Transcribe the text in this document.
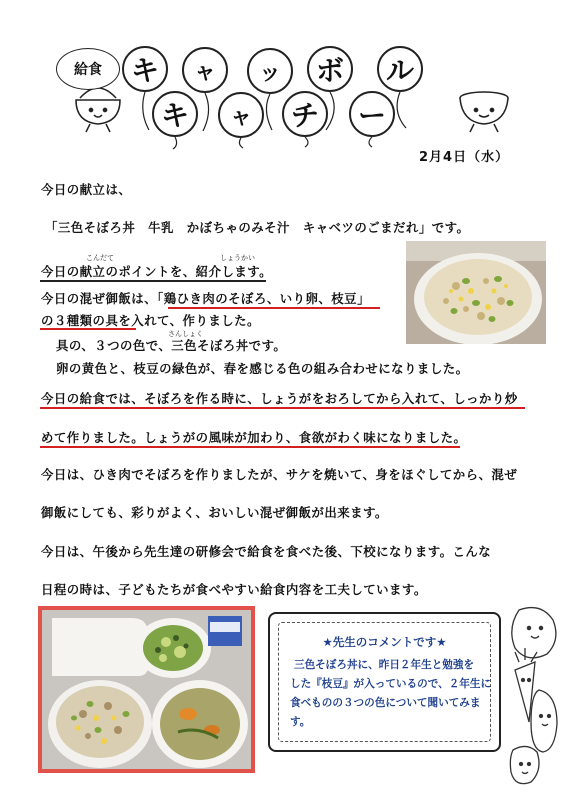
給食	キ	ャ	ッ	ボ	ル
キ	ャ	チ	ー
2月4日（水）
今日の献立は、
「三色そぼろ丼　牛乳　かぼちゃのみそ汁　キャベツのごまだれ」です。
こんだて	しょうかい
今日の献立のポイントを、紹介します。
今日の混ぜ御飯は、「鶏ひき肉のそぼろ、いり卵、枝豆」
の３種類の具を入れて、作りました。
さんしょく
具の、３つの色で、三色そぼろ丼です。
卵の黄色と、枝豆の緑色が、春を感じる色の組み合わせになりました。
今日の給食では、そぼろを作る時に、しょうがをおろしてから入れて、しっかり炒
めて作りました。しょうがの風味が加わり、食欲がわく味になりました。
今日は、ひき肉でそぼろを作りましたが、サケを焼いて、身をほぐしてから、混ぜ
御飯にしても、彩りがよく、おいしい混ぜ御飯が出来ます。
今日は、午後から先生達の研修会で給食を食べた後、下校になります。こんな
日程の時は、子どもたちが食べやすい給食内容を工夫しています。
★先生のコメントです★
三色そぼろ丼に、昨日２年生と勉強を
した『枝豆』が入っているので、２年生に
食べものの３つの色について聞いてみま
す。
